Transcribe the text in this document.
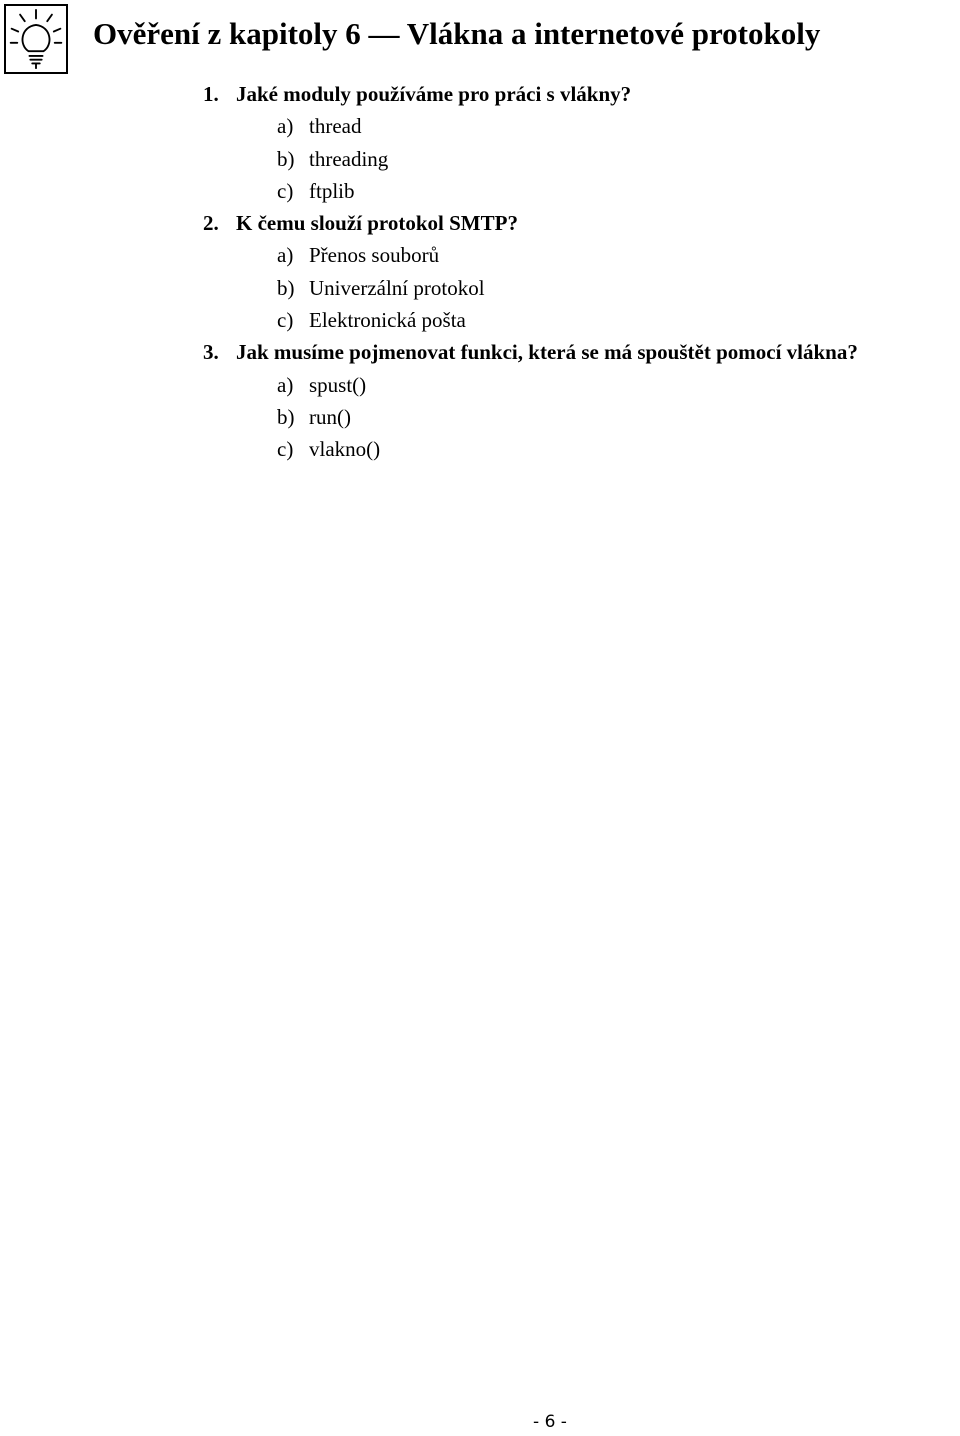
Ověření z kapitoly 6 — Vlákna a internetové protokoly
1. Jaké moduly používáme pro práci s vlákny?
a) thread
b) threading
c) ftplib
2. K čemu slouží protokol SMTP?
a) Přenos souborů
b) Univerzální protokol
c) Elektronická pošta
3. Jak musíme pojmenovat funkci, která se má spouštět pomocí vlákna?
a) spust()
b) run()
c) vlakno()
- 6 -
